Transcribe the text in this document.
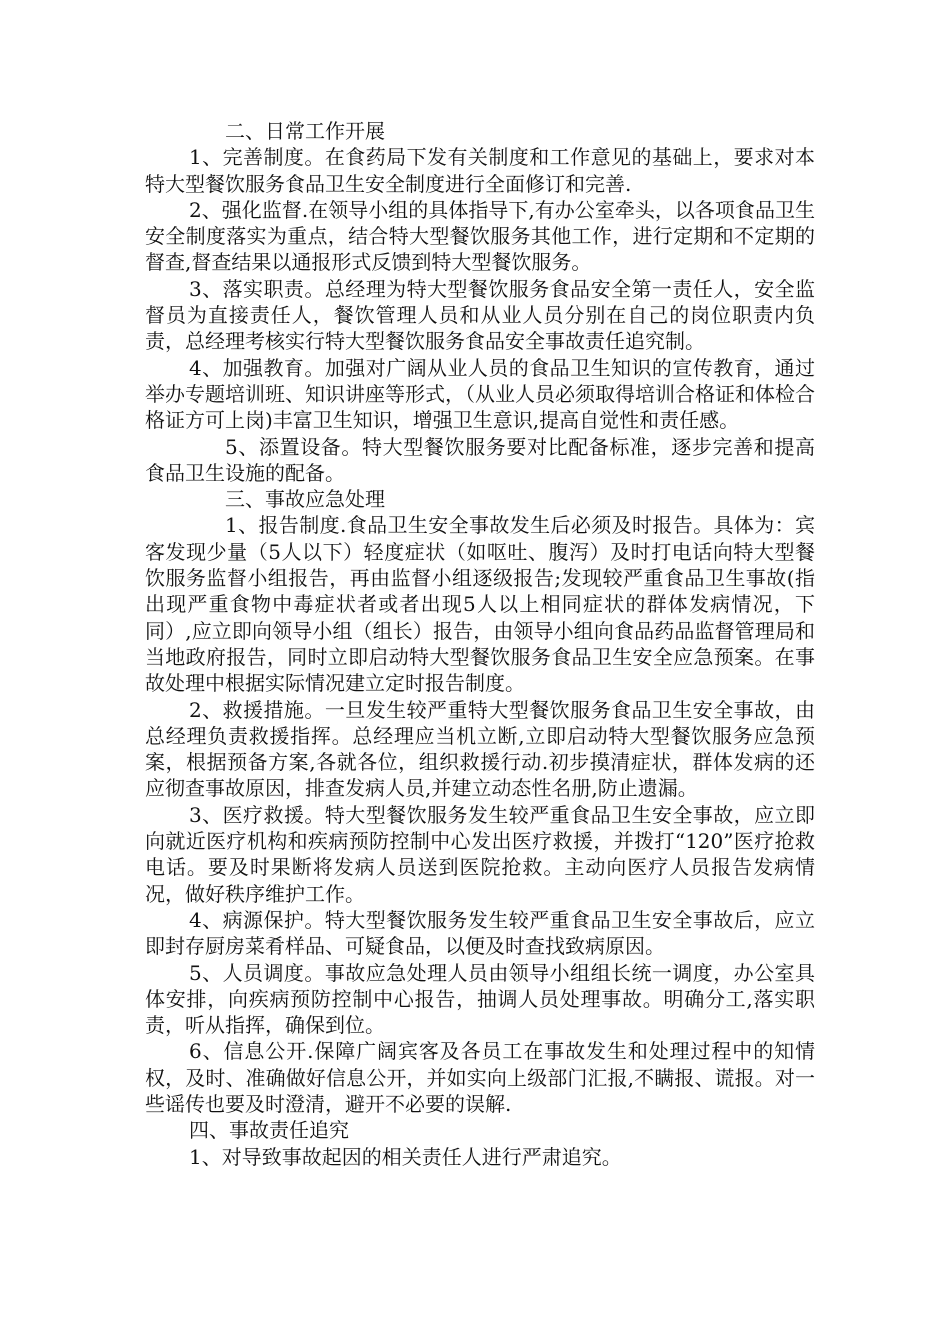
二、日常工作开展

1、完善制度。在食药局下发有关制度和工作意见的基础上，要求对本特大型餐饮服务食品卫生安全制度进行全面修订和完善.

2、强化监督.在领导小组的具体指导下,有办公室牵头，以各项食品卫生安全制度落实为重点，结合特大型餐饮服务其他工作，进行定期和不定期的督查,督查结果以通报形式反馈到特大型餐饮服务。

3、落实职责。总经理为特大型餐饮服务食品安全第一责任人，安全监督员为直接责任人，餐饮管理人员和从业人员分别在自己的岗位职责内负责，总经理考核实行特大型餐饮服务食品安全事故责任追究制。

4、加强教育。加强对广阔从业人员的食品卫生知识的宣传教育，通过举办专题培训班、知识讲座等形式，（从业人员必须取得培训合格证和体检合格证方可上岗)丰富卫生知识，增强卫生意识,提高自觉性和责任感。

5、添置设备。特大型餐饮服务要对比配备标准，逐步完善和提高食品卫生设施的配备。

三、事故应急处理

1、报告制度.食品卫生安全事故发生后必须及时报告。具体为：宾客发现少量（5人以下）轻度症状（如呕吐、腹泻）及时打电话向特大型餐饮服务监督小组报告，再由监督小组逐级报告;发现较严重食品卫生事故(指出现严重食物中毒症状者或者出现5人以上相同症状的群体发病情况，下同）,应立即向领导小组（组长）报告，由领导小组向食品药品监督管理局和当地政府报告，同时立即启动特大型餐饮服务食品卫生安全应急预案。在事故处理中根据实际情况建立定时报告制度。

2、救援措施。一旦发生较严重特大型餐饮服务食品卫生安全事故，由总经理负责救援指挥。总经理应当机立断,立即启动特大型餐饮服务应急预案，根据预备方案,各就各位，组织救援行动.初步摸清症状，群体发病的还应彻查事故原因，排查发病人员,并建立动态性名册,防止遗漏。

3、医疗救援。特大型餐饮服务发生较严重食品卫生安全事故，应立即向就近医疗机构和疾病预防控制中心发出医疗救援，并拨打“120”医疗抢救电话。要及时果断将发病人员送到医院抢救。主动向医疗人员报告发病情况，做好秩序维护工作。

4、病源保护。特大型餐饮服务发生较严重食品卫生安全事故后，应立即封存厨房菜肴样品、可疑食品，以便及时查找致病原因。

5、人员调度。事故应急处理人员由领导小组组长统一调度，办公室具体安排，向疾病预防控制中心报告，抽调人员处理事故。明确分工,落实职责，听从指挥，确保到位。

6、信息公开.保障广阔宾客及各员工在事故发生和处理过程中的知情权，及时、准确做好信息公开，并如实向上级部门汇报,不瞒报、谎报。对一些谣传也要及时澄清，避开不必要的误解.

四、事故责任追究

1、对导致事故起因的相关责任人进行严肃追究。
